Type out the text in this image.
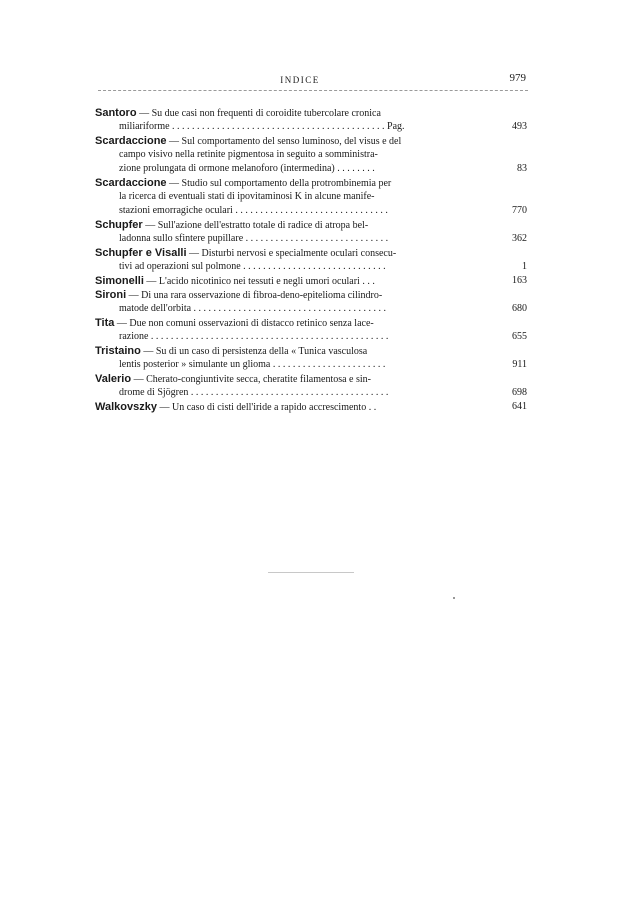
INDICE	979
Santoro — Su due casi non frequenti di coroidite tubercolare cronica
miliariforme . . . . . . . . . . . . . . . . . . . . . . . . . . . . . . . . . . . . . . . . . . . Pag.	493
Scardaccione — Sul comportamento del senso luminoso, del visus e del
campo visivo nella retinite pigmentosa in seguito a somministra-
zione prolungata di ormone melanoforo (intermedina) . . . . . . . .	83
Scardaccione — Studio sul comportamento della protrombinemia per
la ricerca di eventuali stati di ipovitaminosi K in alcune manife-
stazioni emorragiche oculari . . . . . . . . . . . . . . . . . . . . . . . . . . . . . . .	770
Schupfer — Sull'azione dell'estratto totale di radice di atropa bel-
ladonna sullo sfintere pupillare . . . . . . . . . . . . . . . . . . . . . . . . . . . . .	362
Schupfer e Visalli — Disturbi nervosi e specialmente oculari consecu-
tivi ad operazioni sul polmone . . . . . . . . . . . . . . . . . . . . . . . . . . . . .	1
Simonelli — L'acido nicotinico nei tessuti e negli umori oculari . . .	163
Sironi — Di una rara osservazione di fibroa-deno-epitelioma cilindro-
matode dell'orbita . . . . . . . . . . . . . . . . . . . . . . . . . . . . . . . . . . . . . . .	680
Tita — Due non comuni osservazioni di distacco retinico senza lace-
razione . . . . . . . . . . . . . . . . . . . . . . . . . . . . . . . . . . . . . . . . . . . . . . . .	655
Tristaino — Su di un caso di persistenza della « Tunica vasculosa
lentis posterior » simulante un glioma . . . . . . . . . . . . . . . . . . . . . . .	911
Valerio — Cherato-congiuntivite secca, cheratite filamentosa e sin-
drome di Sjögren . . . . . . . . . . . . . . . . . . . . . . . . . . . . . . . . . . . . . . . .	698
Walkovszky — Un caso di cisti dell'iride a rapido accrescimento . .	641
